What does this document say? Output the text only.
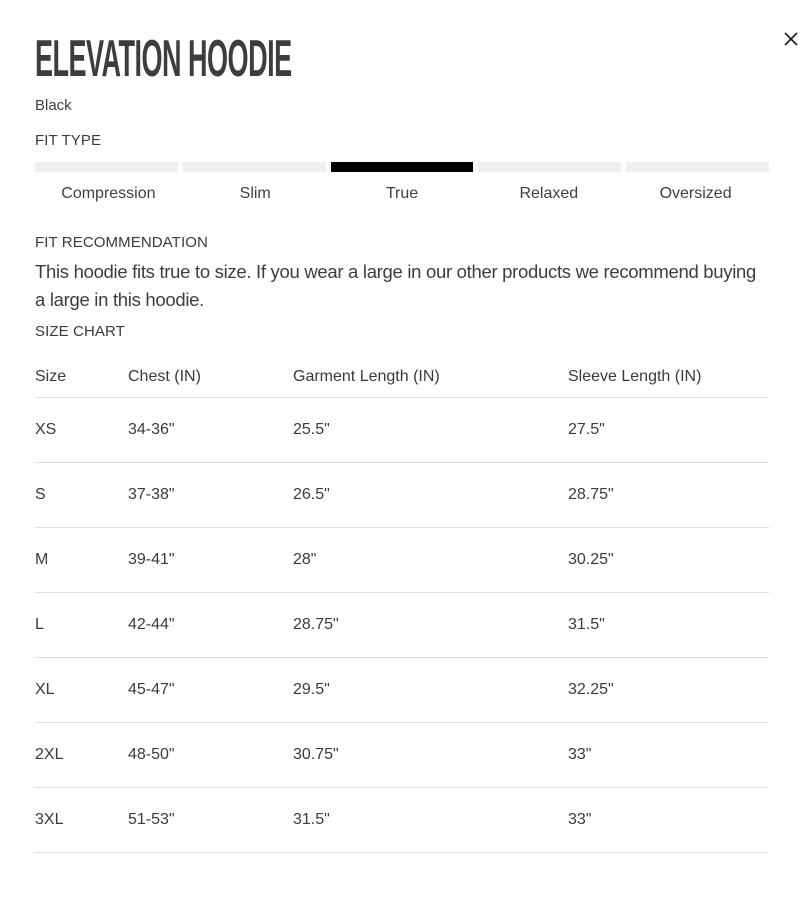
ELEVATION HOODIE
Black
FIT TYPE
Compression	Slim	True	Relaxed	Oversized
FIT RECOMMENDATION

This hoodie fits true to size. If you wear a large in our other products we recommend buying a large in this hoodie.

SIZE CHART
Size	Chest (IN)	Garment Length (IN)	Sleeve Length (IN)
XS	34-36"	25.5"	27.5"
S	37-38"	26.5"	28.75"
M	39-41"	28"	30.25"
L	42-44"	28.75"	31.5"
XL	45-47"	29.5"	32.25"
2XL	48-50"	30.75"	33"
3XL	51-53"	31.5"	33"
